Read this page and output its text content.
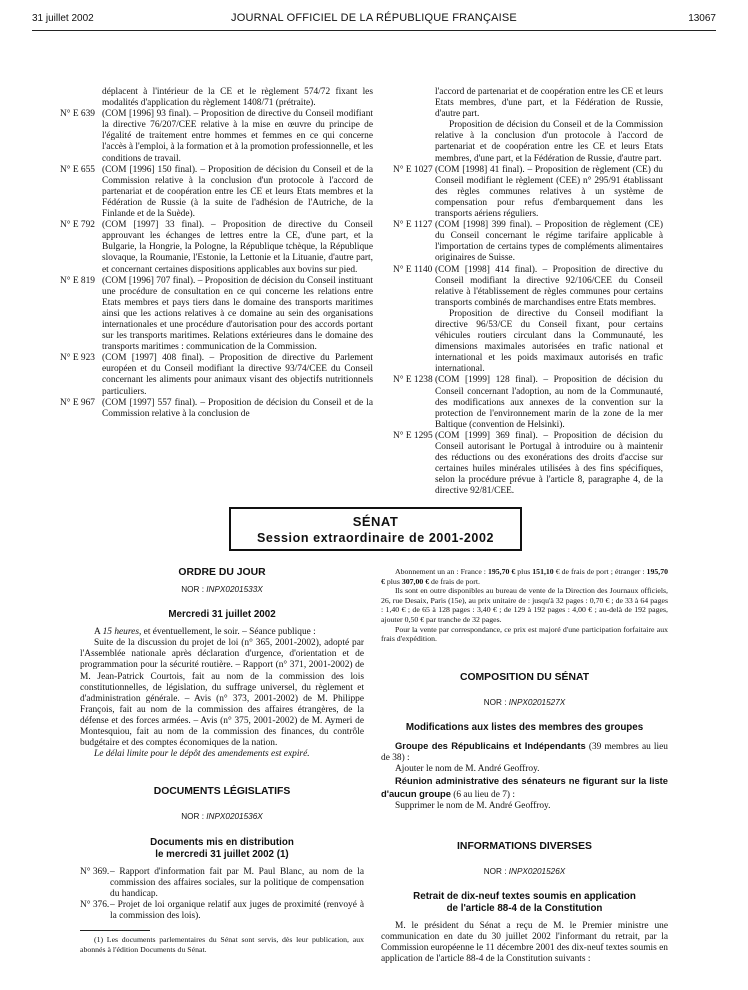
31 juillet 2002	JOURNAL OFFICIEL DE LA RÉPUBLIQUE FRANÇAISE	13067

déplacent à l'intérieur de la CE et le règlement 574/72 fixant les modalités d'application du règlement 1408/71 (prétraite).

N° E 639 (COM [1996] 93 final). – Proposition de directive du Conseil modifiant la directive 76/207/CEE relative à la mise en œuvre du principe de l'égalité de traitement entre hommes et femmes en ce qui concerne l'accès à l'emploi, à la formation et à la promotion professionnelle, et les conditions de travail.
N° E 655 (COM [1996] 150 final). – Proposition de décision du Conseil et de la Commission relative à la conclusion d'un protocole à l'accord de partenariat et de coopération entre les CE et leurs Etats membres et la Fédération de Russie (à la suite de l'adhésion de l'Autriche, de la Finlande et de la Suède).
N° E 792 (COM [1997] 33 final). – Proposition de directive du Conseil approuvant les échanges de lettres entre la CE, d'une part, et la Bulgarie, la Hongrie, la Pologne, la République tchèque, la République slovaque, la Roumanie, l'Estonie, la Lettonie et la Lituanie, d'autre part, et concernant certaines dispositions applicables aux bovins sur pied.
N° E 819 (COM [1996] 707 final). – Proposition de décision du Conseil instituant une procédure de consultation en ce qui concerne les relations entre Etats membres et pays tiers dans le domaine des transports maritimes ainsi que les actions relatives à ce domaine au sein des organisations internationales et une procédure d'autorisation pour des accords portant sur les transports maritimes. Relations extérieures dans le domaine des transports maritimes : communication de la Commission.
N° E 923 (COM [1997] 408 final). – Proposition de directive du Parlement européen et du Conseil modifiant la directive 93/74/CEE du Conseil concernant les aliments pour animaux visant des objectifs nutritionnels particuliers.
N° E 967 (COM [1997] 557 final). – Proposition de décision du Conseil et de la Commission relative à la conclusion de

l'accord de partenariat et de coopération entre les CE et leurs Etats membres, d'une part, et la Fédération de Russie, d'autre part.

Proposition de décision du Conseil et de la Commission relative à la conclusion d'un protocole à l'accord de partenariat et de coopération entre les CE et leurs Etats membres, d'une part, et la Fédération de Russie, d'autre part.

N° E 1027 (COM [1998] 41 final). – Proposition de règlement (CE) du Conseil modifiant le règlement (CEE) n° 295/91 établissant des règles communes relatives à un système de compensation pour refus d'embarquement dans les transports aériens réguliers.
N° E 1127 (COM [1998] 399 final). – Proposition de règlement (CE) du Conseil concernant le régime tarifaire applicable à l'importation de certains types de compléments alimentaires originaires de Suisse.
N° E 1140 (COM [1998] 414 final). – Proposition de directive du Conseil modifiant la directive 92/106/CEE du Conseil relative à l'établissement de règles communes pour certains transports combinés de marchandises entre Etats membres.

Proposition de directive du Conseil modifiant la directive 96/53/CE du Conseil fixant, pour certains véhicules routiers circulant dans la Communauté, les dimensions maximales autorisées en trafic national et international et les poids maximaux autorisés en trafic international.

N° E 1238 (COM [1999] 128 final). – Proposition de décision du Conseil concernant l'adoption, au nom de la Communauté, des modifications aux annexes de la convention sur la protection de l'environnement marin de la zone de la mer Baltique (convention de Helsinki).
N° E 1295 (COM [1999] 369 final). – Proposition de décision du Conseil autorisant le Portugal à introduire ou à maintenir des réductions ou des exonérations des droits d'accise sur certaines huiles minérales utilisées à des fins spécifiques, selon la procédure prévue à l'article 8, paragraphe 4, de la directive 92/81/CEE.
SÉNAT
Session extraordinaire de 2001-2002

ORDRE DU JOUR

NOR : INPX0201533X

Mercredi 31 juillet 2002

A 15 heures, et éventuellement, le soir. – Séance publique :

Suite de la discussion du projet de loi (n° 365, 2001-2002), adopté par l'Assemblée nationale après déclaration d'urgence, d'orientation et de programmation pour la sécurité routière. – Rapport (n° 371, 2001-2002) de M. Jean-Patrick Courtois, fait au nom de la commission des lois constitutionnelles, de législation, du suffrage universel, du règlement et d'administration générale. – Avis (n° 373, 2001-2002) de M. Philippe François, fait au nom de la commission des affaires étrangères, de la défense et des forces armées. – Avis (n° 375, 2001-2002) de M. Aymeri de Montesquiou, fait au nom de la commission des finances, du contrôle budgétaire et des comptes économiques de la nation.

Le délai limite pour le dépôt des amendements est expiré.

DOCUMENTS LÉGISLATIFS

NOR : INPX0201536X

Documents mis en distribution

le mercredi 31 juillet 2002 (1)

N° 369. – Rapport d'information fait par M. Paul Blanc, au nom de la commission des affaires sociales, sur la politique de compensation du handicap.
N° 376. – Projet de loi organique relatif aux juges de proximité (renvoyé à la commission des lois).

(1) Les documents parlementaires du Sénat sont servis, dès leur publication, aux abonnés à l'édition Documents du Sénat.

Abonnement un an : France : 195,70 € plus 151,10 € de frais de port ; étranger : 195,70 € plus 307,00 € de frais de port.

Ils sont en outre disponibles au bureau de vente de la Direction des Journaux officiels, 26, rue Desaix, Paris (15e), au prix unitaire de : jusqu'à 32 pages : 0,70 € ; de 33 à 64 pages : 1,40 € ; de 65 à 128 pages : 3,40 € ; de 129 à 192 pages : 4,00 € ; au-delà de 192 pages, ajouter 0,50 € par tranche de 32 pages.

Pour la vente par correspondance, ce prix est majoré d'une participation forfaitaire aux frais d'expédition.

COMPOSITION DU SÉNAT

NOR : INPX0201527X

Modifications aux listes des membres des groupes

Groupe des Républicains et Indépendants (39 membres au lieu de 38) :

Ajouter le nom de M. André Geoffroy.

Réunion administrative des sénateurs ne figurant sur la liste d'aucun groupe (6 au lieu de 7) :

Supprimer le nom de M. André Geoffroy.

INFORMATIONS DIVERSES

NOR : INPX0201526X

Retrait de dix-neuf textes soumis en application

de l'article 88-4 de la Constitution

M. le président du Sénat a reçu de M. le Premier ministre une communication en date du 30 juillet 2002 l'informant du retrait, par la Commission européenne le 11 décembre 2001 des dix-neuf textes soumis en application de l'article 88-4 de la Constitution suivants :
